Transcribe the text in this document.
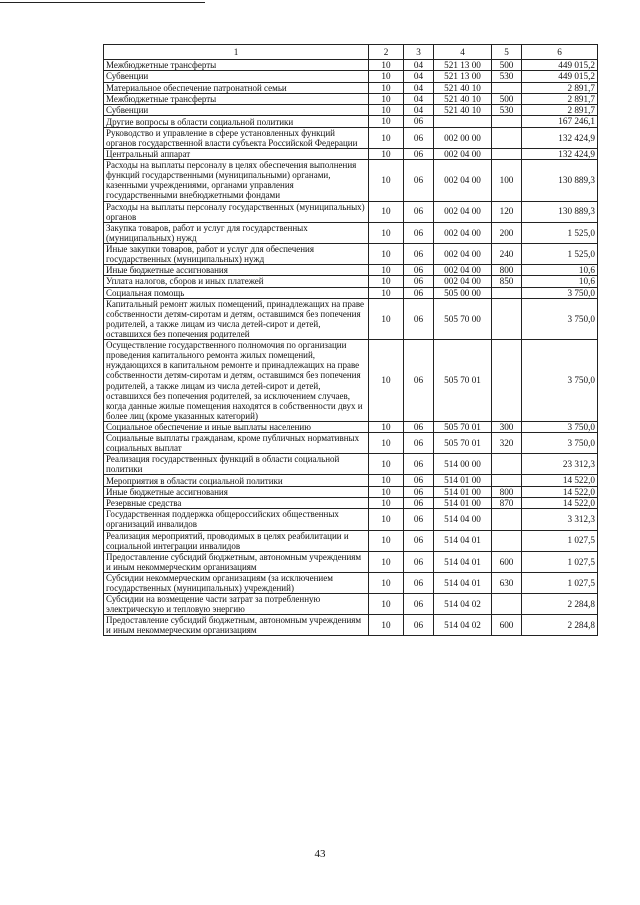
1	2	3	4	5	6
Межбюджетные трансферты	10	04	521 13 00	500	449 015,2
Субвенции	10	04	521 13 00	530	449 015,2
Материальное обеспечение патронатной семьи	10	04	521 40 10		2 891,7
Межбюджетные трансферты	10	04	521 40 10	500	2 891,7
Субвенции	10	04	521 40 10	530	2 891,7
Другие вопросы в области социальной политики	10	06			167 246,1
Руководство и управление в сфере установленных функций органов государственной власти субъекта Российской Федерации	10	06	002 00 00		132 424,9
Центральный аппарат	10	06	002 04 00		132 424,9
Расходы на выплаты персоналу в целях обеспечения выполнения функций государственными (муниципальными) органами, казенными учреждениями, органами управления государственными внебюджетными фондами	10	06	002 04 00	100	130 889,3
Расходы на выплаты персоналу государственных (муниципальных) органов	10	06	002 04 00	120	130 889,3
Закупка товаров, работ и услуг для государственных (муниципальных) нужд	10	06	002 04 00	200	1 525,0
Иные закупки товаров, работ и услуг для обеспечения государственных (муниципальных) нужд	10	06	002 04 00	240	1 525,0
Иные бюджетные ассигнования	10	06	002 04 00	800	10,6
Уплата налогов, сборов и иных платежей	10	06	002 04 00	850	10,6
Социальная помощь	10	06	505 00 00		3 750,0
Капитальный ремонт жилых помещений, принадлежащих на праве собственности детям-сиротам и детям, оставшимся без попечения родителей, а также лицам из числа детей-сирот и детей, оставшихся без попечения родителей	10	06	505 70 00		3 750,0
Осуществление государственного полномочия по организации проведения капитального ремонта жилых помещений, нуждающихся в капитальном ремонте и принадлежащих на праве собственности детям-сиротам и детям, оставшимся без попечения родителей, а также лицам из числа детей-сирот и детей, оставшихся без попечения родителей, за исключением случаев, когда данные жилые помещения находятся в собственности двух и более лиц (кроме указанных категорий)	10	06	505 70 01		3 750,0
Социальное обеспечение и иные выплаты населению	10	06	505 70 01	300	3 750,0
Социальные выплаты гражданам, кроме публичных нормативных социальных выплат	10	06	505 70 01	320	3 750,0
Реализация государственных функций в области социальной политики	10	06	514 00 00		23 312,3
Мероприятия в области социальной политики	10	06	514 01 00		14 522,0
Иные бюджетные ассигнования	10	06	514 01 00	800	14 522,0
Резервные средства	10	06	514 01 00	870	14 522,0
Государственная поддержка общероссийских общественных организаций инвалидов	10	06	514 04 00		3 312,3
Реализация мероприятий, проводимых в целях реабилитации и социальной интеграции инвалидов	10	06	514 04 01		1 027,5
Предоставление субсидий бюджетным, автономным учреждениям и иным некоммерческим организациям	10	06	514 04 01	600	1 027,5
Субсидии некоммерческим организациям (за исключением государственных (муниципальных) учреждений)	10	06	514 04 01	630	1 027,5
Субсидии на возмещение части затрат за потребленную электрическую и тепловую энергию	10	06	514 04 02		2 284,8
Предоставление субсидий бюджетным, автономным учреждениям и иным некоммерческим организациям	10	06	514 04 02	600	2 284,8
43
